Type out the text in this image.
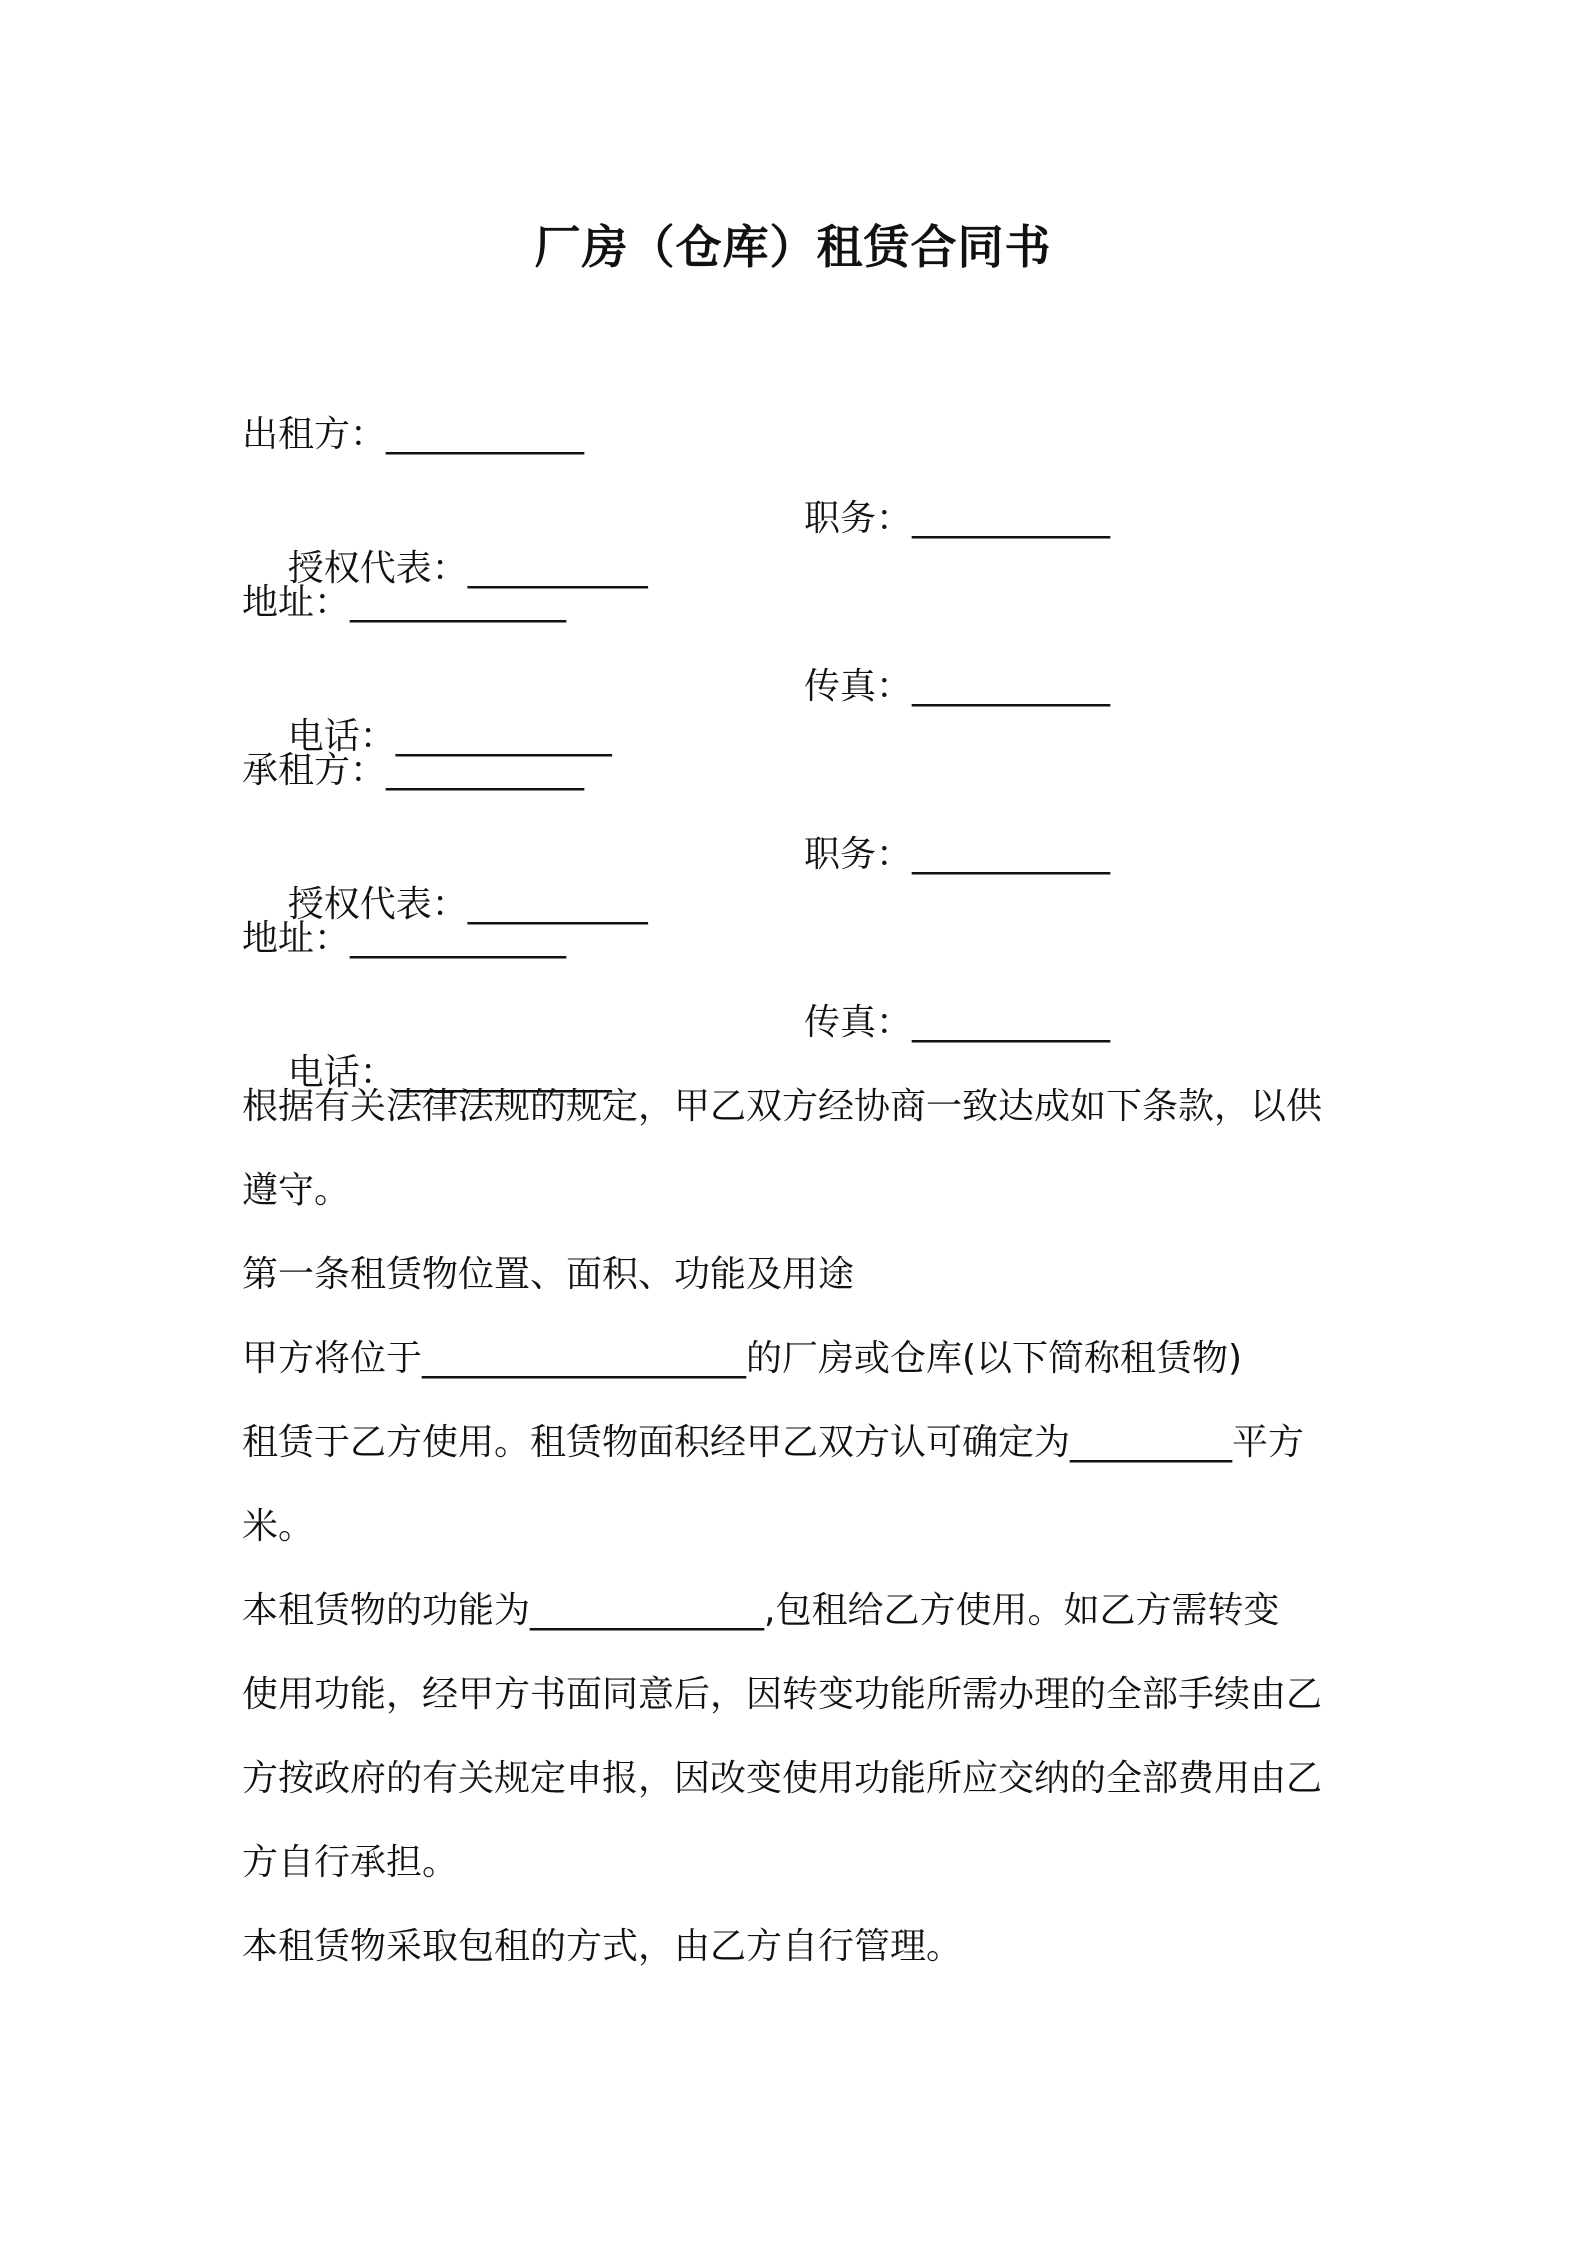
厂房（仓库）租赁合同书
出租方：___________

授权代表：__________

职务：___________

地址：____________

电话：____________

传真：___________

承租方：___________

授权代表：__________

职务：___________

地址：____________

电话：____________

传真：___________

根据有关法律法规的规定，甲乙双方经协商一致达成如下条款，以供
遵守。
第一条租赁物位置、面积、功能及用途
甲方将位于__________________的厂房或仓库(以下简称租赁物)
租赁于乙方使用。租赁物面积经甲乙双方认可确定为_________平方
米。
本租赁物的功能为_____________,包租给乙方使用。如乙方需转变
使用功能，经甲方书面同意后，因转变功能所需办理的全部手续由乙
方按政府的有关规定申报，因改变使用功能所应交纳的全部费用由乙
方自行承担。
本租赁物采取包租的方式，由乙方自行管理。
